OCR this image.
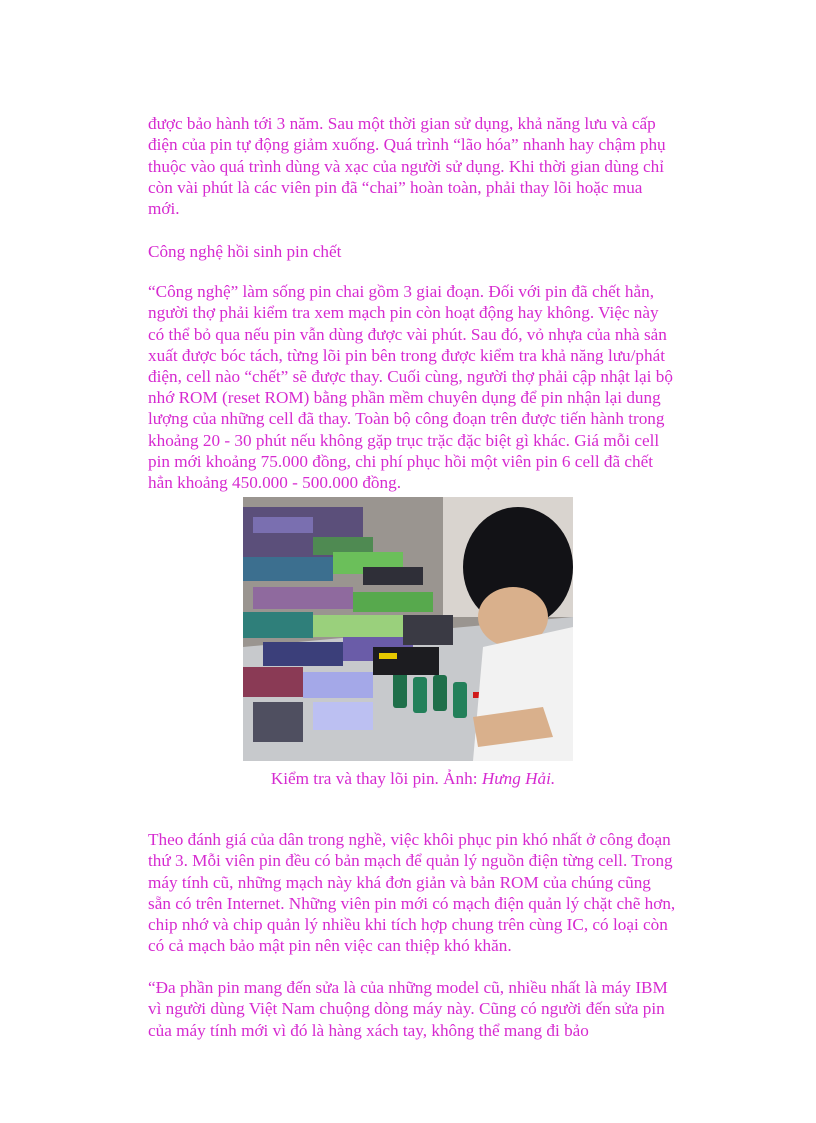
được bảo hành tới 3 năm. Sau một thời gian sử dụng, khả năng lưu và cấp điện của pin tự động giảm xuống. Quá trình “lão hóa” nhanh hay chậm phụ thuộc vào quá trình dùng và xạc của người sử dụng. Khi thời gian dùng chỉ còn vài phút là các viên pin đã “chai” hoàn toàn, phải thay lõi hoặc mua mới.

Công nghệ hồi sinh pin chết

“Công nghệ” làm sống pin chai gồm 3 giai đoạn. Đối với pin đã chết hẳn, người thợ phải kiểm tra xem mạch pin còn hoạt động hay không. Việc này có thể bỏ qua nếu pin vẫn dùng được vài phút. Sau đó, vỏ nhựa của nhà sản xuất được bóc tách, từng lõi pin bên trong được kiểm tra khả năng lưu/phát điện, cell nào “chết” sẽ được thay. Cuối cùng, người thợ phải cập nhật lại bộ nhớ ROM (reset ROM) bằng phần mềm chuyên dụng để pin nhận lại dung lượng của những cell đã thay. Toàn bộ công đoạn trên được tiến hành trong khoảng 20 - 30 phút nếu không gặp trục trặc đặc biệt gì khác. Giá mỗi cell pin mới khoảng 75.000 đồng, chi phí phục hồi một viên pin 6 cell đã chết hẳn khoảng 450.000 - 500.000 đồng.

Kiểm tra và thay lõi pin. Ảnh: Hưng Hải.

Theo đánh giá của dân trong nghề, việc khôi phục pin khó nhất ở công đoạn thứ 3. Mỗi viên pin đều có bản mạch để quản lý nguồn điện từng cell. Trong máy tính cũ, những mạch này khá đơn giản và bản ROM của chúng cũng sẵn có trên Internet. Những viên pin mới có mạch điện quản lý chặt chẽ hơn, chip nhớ và chip quản lý nhiều khi tích hợp chung trên cùng IC, có loại còn có cả mạch bảo mật pin nên việc can thiệp khó khăn.

“Đa phần pin mang đến sửa là của những model cũ, nhiều nhất là máy IBM vì người dùng Việt Nam chuộng dòng máy này. Cũng có người đến sửa pin của máy tính mới vì đó là hàng xách tay, không thể mang đi bảo
